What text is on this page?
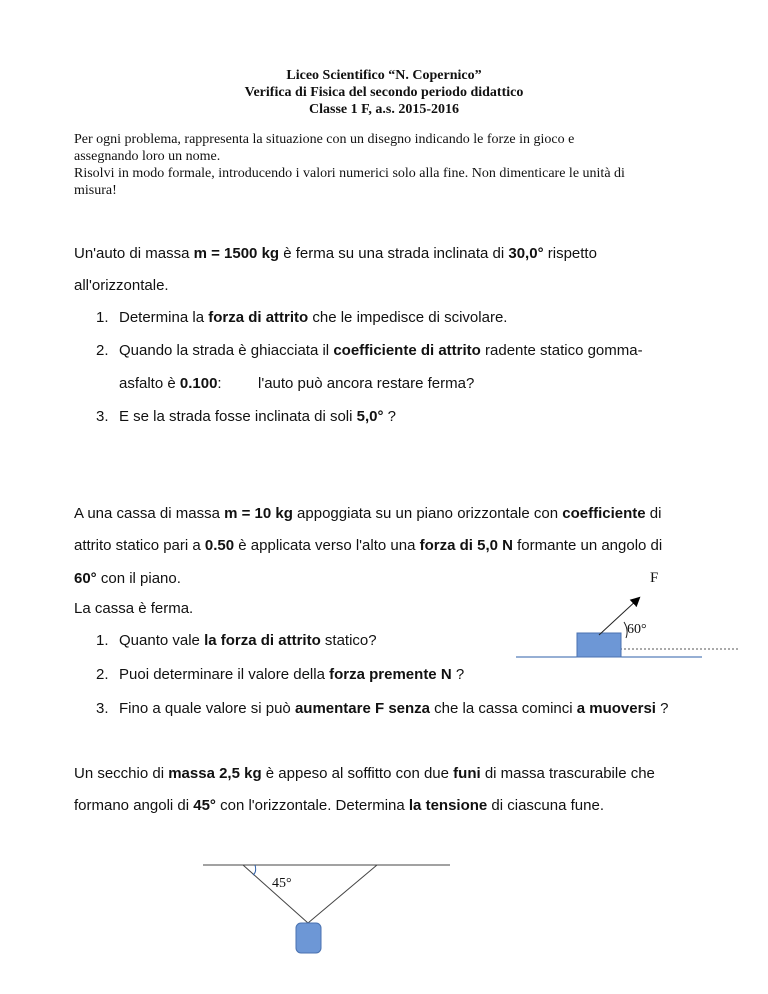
Liceo Scientifico “N. Copernico”
Verifica di Fisica del secondo periodo didattico
Classe 1 F, a.s. 2015-2016
Per ogni problema, rappresenta la situazione con un disegno indicando le forze in gioco e
assegnando loro un nome.
Risolvi in modo formale, introducendo i valori numerici solo alla fine. Non dimenticare le unità di
misura!
Un'auto di massa m = 1500 kg è ferma su una strada inclinata di 30,0° rispetto
all'orizzontale.
1. Determina la forza di attrito che le impedisce di scivolare.
2. Quando la strada è ghiacciata il coefficiente di attrito radente statico gomma-
asfalto è 0.100: l'auto può ancora restare ferma?
3. E se la strada fosse inclinata di soli 5,0° ?
A una cassa di massa m = 10 kg appoggiata su un piano orizzontale con coefficiente di
attrito statico pari a 0.50 è applicata verso l'alto una forza di 5,0 N formante un angolo di
60° con il piano.
La cassa è ferma.
1. Quanto vale la forza di attrito statico?
2. Puoi determinare il valore della forza premente N ?
3. Fino a quale valore si può aumentare F senza che la cassa cominci a muoversi ?
F
60°
Un secchio di massa 2,5 kg è appeso al soffitto con due funi di massa trascurabile che
formano angoli di 45° con l'orizzontale. Determina la tensione di ciascuna fune.
45°
